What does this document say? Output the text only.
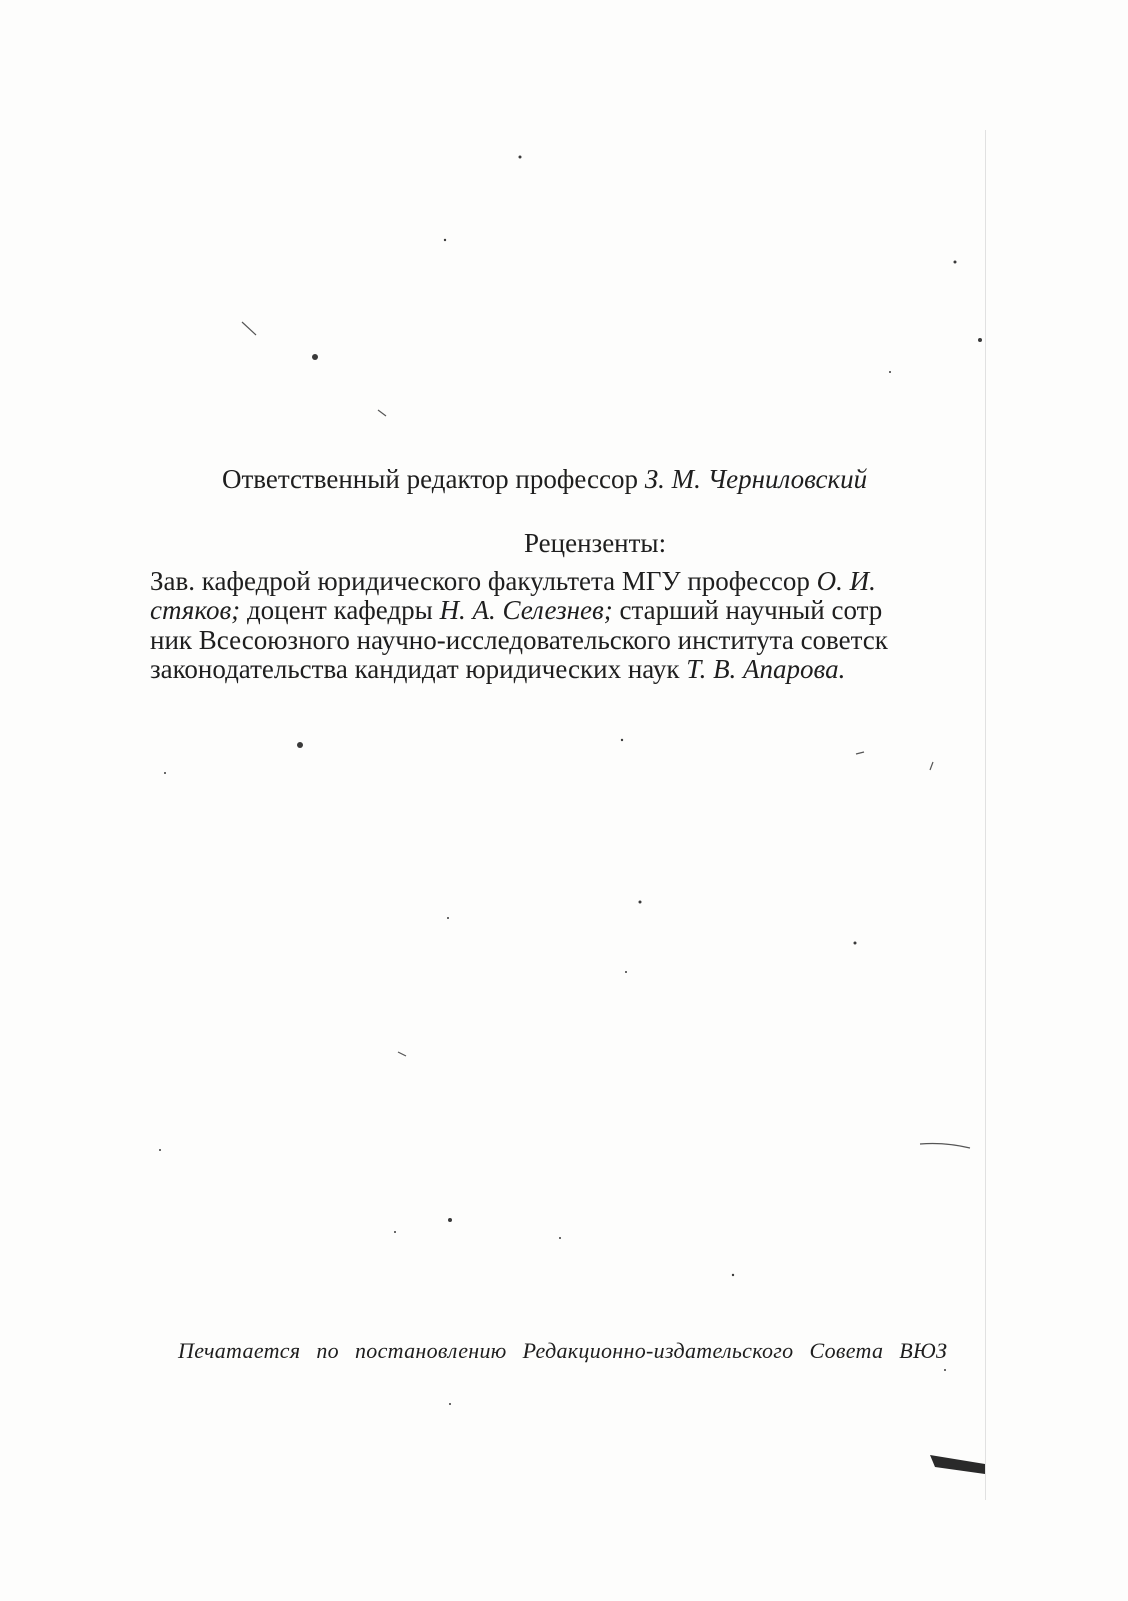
Ответственный редактор профессор З. М. Черниловский
Рецензенты:
Зав. кафедрой юридического факультета МГУ профессор О. И.
стяков; доцент кафедры Н. А. Селезнев; старший научный сотр
ник Всесоюзного научно-исследовательского института советск
законодательства кандидат юридических наук Т. В. Апарова.
Печатается по постановлению Редакционно-издательского Совета ВЮЗ
